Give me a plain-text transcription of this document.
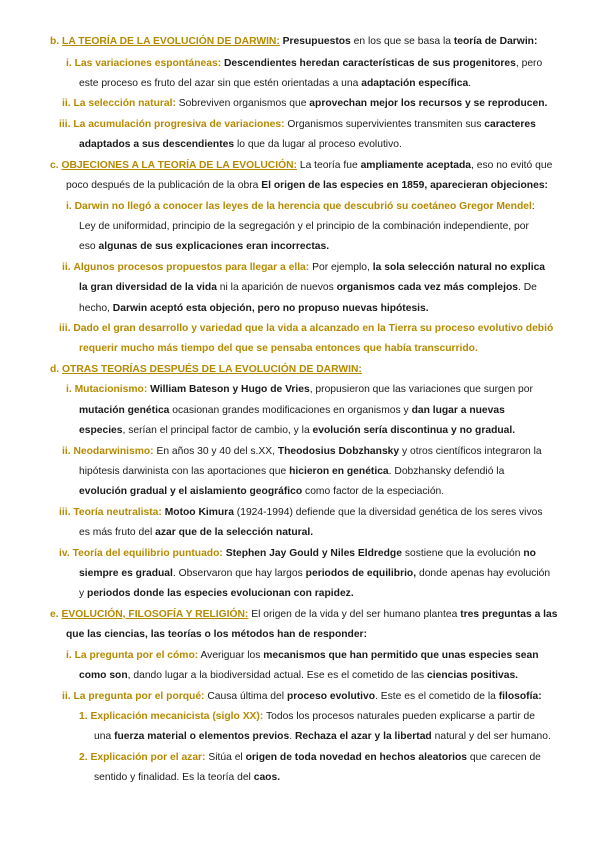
b. LA TEORÍA DE LA EVOLUCIÓN DE DARWIN: Presupuestos en los que se basa la teoría de Darwin:
i. Las variaciones espontáneas: Descendientes heredan características de sus progenitores, pero
este proceso es fruto del azar sin que estén orientadas a una adaptación específica.
ii. La selección natural: Sobreviven organismos que aprovechan mejor los recursos y se reproducen.
iii. La acumulación progresiva de variaciones: Organismos supervivientes transmiten sus caracteres
adaptados a sus descendientes lo que da lugar al proceso evolutivo.
c. OBJECIONES A LA TEORÍA DE LA EVOLUCIÓN: La teoría fue ampliamente aceptada, eso no evitó que
poco después de la publicación de la obra El origen de las especies en 1859, aparecieran objeciones:
i. Darwin no llegó a conocer las leyes de la herencia que descubrió su coetáneo Gregor Mendel:
Ley de uniformidad, principio de la segregación y el principio de la combinación independiente, por
eso algunas de sus explicaciones eran incorrectas.
ii. Algunos procesos propuestos para llegar a ella: Por ejemplo, la sola selección natural no explica
la gran diversidad de la vida ni la aparición de nuevos organismos cada vez más complejos. De
hecho, Darwin aceptó esta objeción, pero no propuso nuevas hipótesis.
iii. Dado el gran desarrollo y variedad que la vida a alcanzado en la Tierra su proceso evolutivo debió
requerir mucho más tiempo del que se pensaba entonces que había transcurrido.
d. OTRAS TEORÍAS DESPUÉS DE LA EVOLUCIÓN DE DARWIN:
i. Mutacionismo: William Bateson y Hugo de Vries, propusieron que las variaciones que surgen por
mutación genética ocasionan grandes modificaciones en organismos y dan lugar a nuevas
especies, serían el principal factor de cambio, y la evolución sería discontinua y no gradual.
ii. Neodarwinismo: En años 30 y 40 del s.XX, Theodosius Dobzhansky y otros científicos integraron la
hipótesis darwinista con las aportaciones que hicieron en genética. Dobzhansky defendió la
evolución gradual y el aislamiento geográfico como factor de la especiación.
iii. Teoría neutralista: Motoo Kimura (1924-1994) defiende que la diversidad genética de los seres vivos
es más fruto del azar que de la selección natural.
iv. Teoría del equilibrio puntuado: Stephen Jay Gould y Niles Eldredge sostiene que la evolución no
siempre es gradual. Observaron que hay largos periodos de equilibrio, donde apenas hay evolución
y periodos donde las especies evolucionan con rapidez.
e. EVOLUCIÓN, FILOSOFÍA Y RELIGIÓN: El origen de la vida y del ser humano plantea tres preguntas a las
que las ciencias, las teorías o los métodos han de responder:
i. La pregunta por el cómo: Averiguar los mecanismos que han permitido que unas especies sean
como son, dando lugar a la biodiversidad actual. Ese es el cometido de las ciencias positivas.
ii. La pregunta por el porqué: Causa última del proceso evolutivo. Este es el cometido de la filosofía:
1. Explicación mecanicista (siglo XX): Todos los procesos naturales pueden explicarse a partir de
una fuerza material o elementos previos. Rechaza el azar y la libertad natural y del ser humano.
2. Explicación por el azar: Sitúa el origen de toda novedad en hechos aleatorios que carecen de
sentido y finalidad. Es la teoría del caos.
